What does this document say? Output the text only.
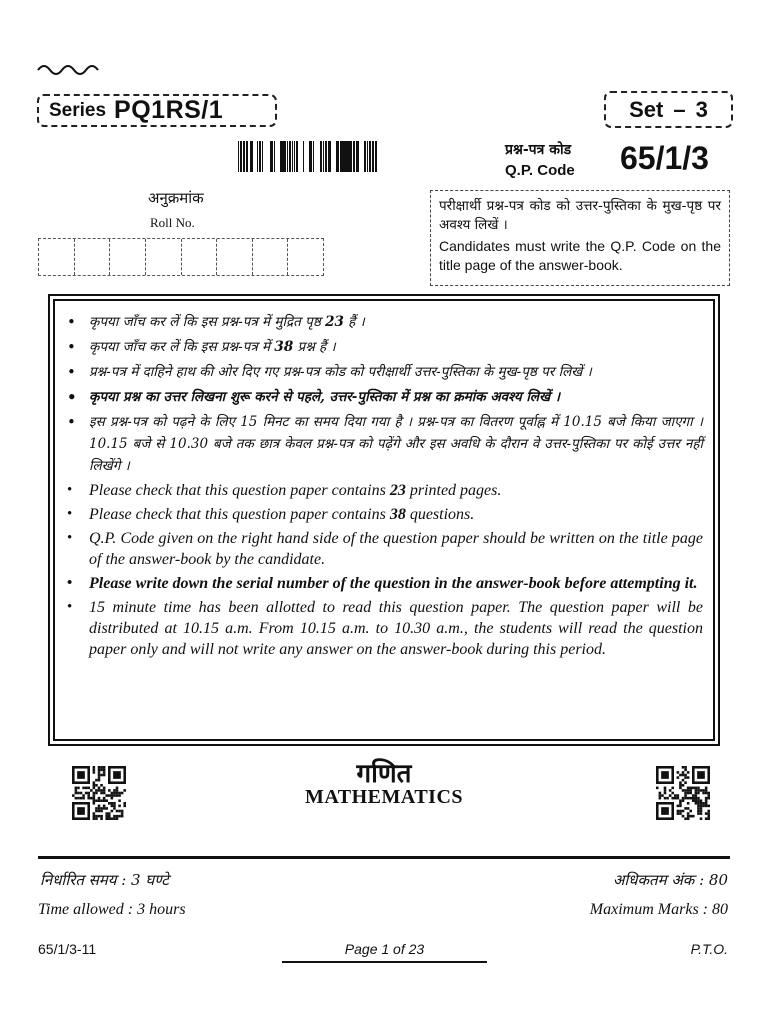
Series PQ1RS/1	Set – 3
प्रश्न-पत्र कोड
Q.P. Code 65/1/3
अनुक्रमांक
Roll No.
परीक्षार्थी प्रश्न-पत्र कोड को उत्तर-पुस्तिका के मुख-पृष्ठ पर अवश्य लिखें ।
Candidates must write the Q.P. Code on the title page of the answer-book.
• कृपया जाँच कर लें कि इस प्रश्न-पत्र में मुद्रित पृष्ठ 23 हैं ।
• कृपया जाँच कर लें कि इस प्रश्न-पत्र में 38 प्रश्न हैं ।
• प्रश्न-पत्र में दाहिने हाथ की ओर दिए गए प्रश्न-पत्र कोड को परीक्षार्थी उत्तर-पुस्तिका के मुख-पृष्ठ पर लिखें ।
• कृपया प्रश्न का उत्तर लिखना शुरू करने से पहले, उत्तर-पुस्तिका में प्रश्न का क्रमांक अवश्य लिखें ।
• इस प्रश्न-पत्र को पढ़ने के लिए 15 मिनट का समय दिया गया है । प्रश्न-पत्र का वितरण पूर्वाह्न में 10.15 बजे किया जाएगा । 10.15 बजे से 10.30 बजे तक छात्र केवल प्रश्न-पत्र को पढ़ेंगे और इस अवधि के दौरान वे उत्तर-पुस्तिका पर कोई उत्तर नहीं लिखेंगे ।
• Please check that this question paper contains 23 printed pages.
• Please check that this question paper contains 38 questions.
• Q.P. Code given on the right hand side of the question paper should be written on the title page of the answer-book by the candidate.
• Please write down the serial number of the question in the answer-book before attempting it.
• 15 minute time has been allotted to read this question paper. The question paper will be distributed at 10.15 a.m. From 10.15 a.m. to 10.30 a.m., the students will read the question paper only and will not write any answer on the answer-book during this period.
गणित
MATHEMATICS
निर्धारित समय : 3 घण्टे	अधिकतम अंक : 80
Time allowed : 3 hours	Maximum Marks : 80
65/1/3-11	Page 1 of 23	P.T.O.
